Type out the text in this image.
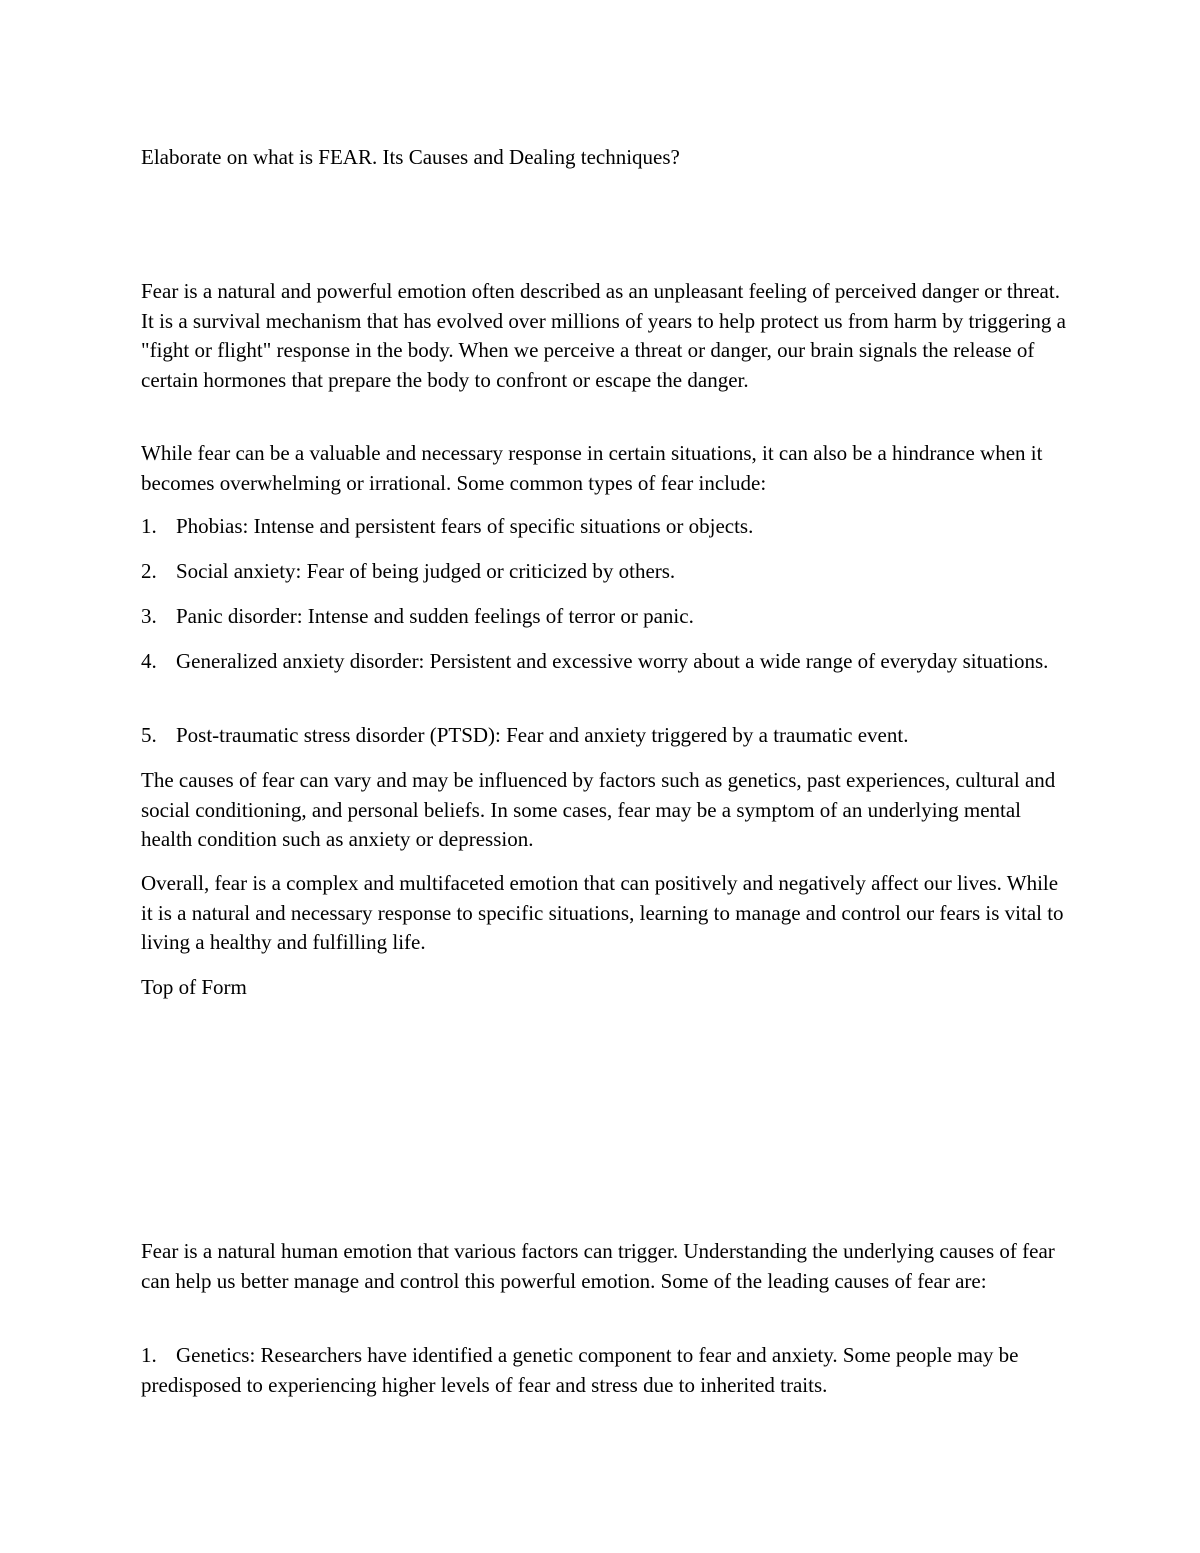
Elaborate on what is FEAR. Its Causes and Dealing techniques?

Fear is a natural and powerful emotion often described as an unpleasant feeling of perceived danger or threat. It is a survival mechanism that has evolved over millions of years to help protect us from harm by triggering a "fight or flight" response in the body. When we perceive a threat or danger, our brain signals the release of certain hormones that prepare the body to confront or escape the danger.

While fear can be a valuable and necessary response in certain situations, it can also be a hindrance when it becomes overwhelming or irrational. Some common types of fear include:

1. Phobias: Intense and persistent fears of specific situations or objects.

2. Social anxiety: Fear of being judged or criticized by others.

3. Panic disorder: Intense and sudden feelings of terror or panic.

4. Generalized anxiety disorder: Persistent and excessive worry about a wide range of everyday situations.

5. Post-traumatic stress disorder (PTSD): Fear and anxiety triggered by a traumatic event.

The causes of fear can vary and may be influenced by factors such as genetics, past experiences, cultural and social conditioning, and personal beliefs. In some cases, fear may be a symptom of an underlying mental health condition such as anxiety or depression.

Overall, fear is a complex and multifaceted emotion that can positively and negatively affect our lives. While it is a natural and necessary response to specific situations, learning to manage and control our fears is vital to living a healthy and fulfilling life.

Top of Form

Fear is a natural human emotion that various factors can trigger. Understanding the underlying causes of fear can help us better manage and control this powerful emotion. Some of the leading causes of fear are:

1. Genetics: Researchers have identified a genetic component to fear and anxiety. Some people may be predisposed to experiencing higher levels of fear and stress due to inherited traits.
